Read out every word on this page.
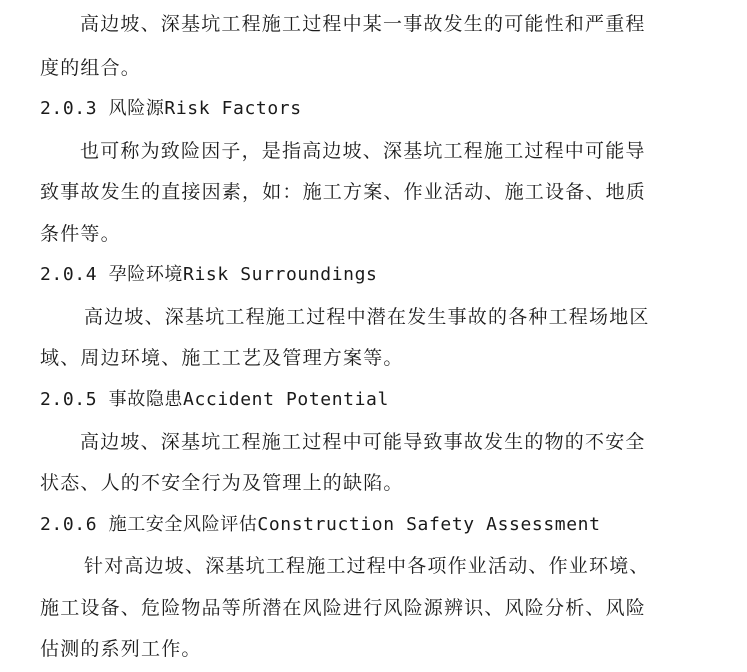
高边坡、深基坑工程施工过程中某一事故发生的可能性和严重程
度的组合。
2.0.3 风险源Risk Factors
也可称为致险因子，是指高边坡、深基坑工程施工过程中可能导
致事故发生的直接因素，如：施工方案、作业活动、施工设备、地质
条件等。
2.0.4 孕险环境Risk Surroundings
高边坡、深基坑工程施工过程中潜在发生事故的各种工程场地区
域、周边环境、施工工艺及管理方案等。
2.0.5 事故隐患Accident Potential
高边坡、深基坑工程施工过程中可能导致事故发生的物的不安全
状态、人的不安全行为及管理上的缺陷。
2.0.6 施工安全风险评估Construction Safety Assessment
针对高边坡、深基坑工程施工过程中各项作业活动、作业环境、
施工设备、危险物品等所潜在风险进行风险源辨识、风险分析、风险
估测的系列工作。
